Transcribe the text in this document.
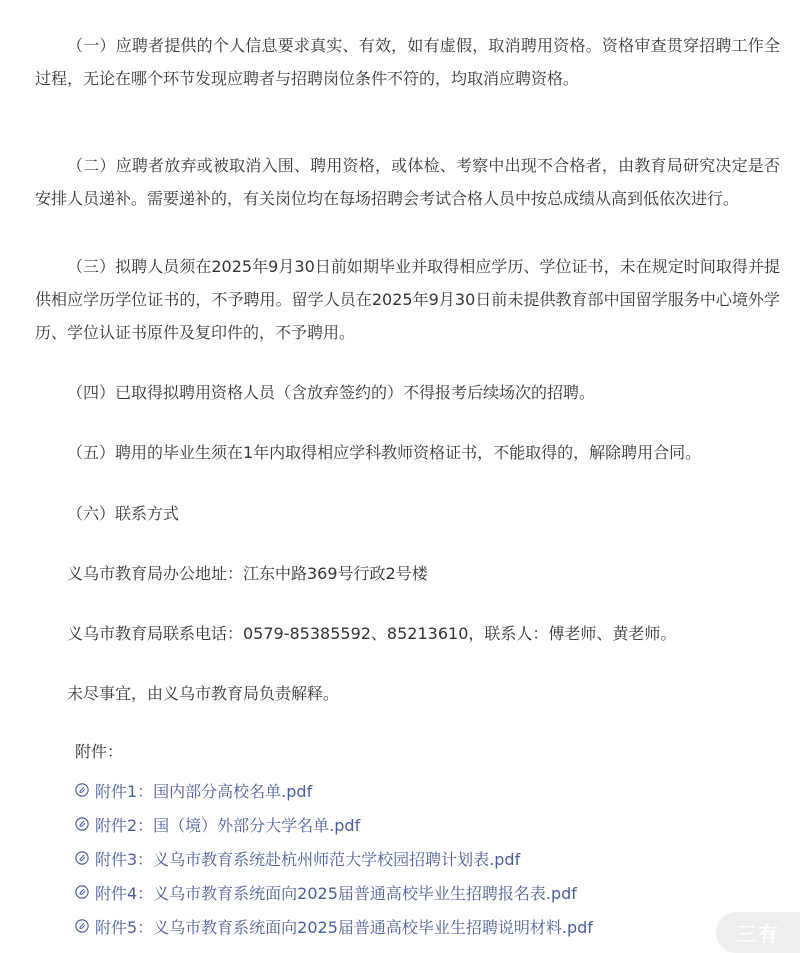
（一）应聘者提供的个人信息要求真实、有效，如有虚假，取消聘用资格。资格审查贯穿招聘工作全过程，无论在哪个环节发现应聘者与招聘岗位条件不符的，均取消应聘资格。

（二）应聘者放弃或被取消入围、聘用资格，或体检、考察中出现不合格者，由教育局研究决定是否安排人员递补。需要递补的，有关岗位均在每场招聘会考试合格人员中按总成绩从高到低依次进行。

（三）拟聘人员须在2025年9月30日前如期毕业并取得相应学历、学位证书，未在规定时间取得并提供相应学历学位证书的，不予聘用。留学人员在2025年9月30日前未提供教育部中国留学服务中心境外学历、学位认证书原件及复印件的，不予聘用。

（四）已取得拟聘用资格人员（含放弃签约的）不得报考后续场次的招聘。

（五）聘用的毕业生须在1年内取得相应学科教师资格证书，不能取得的，解除聘用合同。

（六）联系方式

义乌市教育局办公地址：江东中路369号行政2号楼

义乌市教育局联系电话：0579-85385592、85213610，联系人：傅老师、黄老师。

未尽事宜，由义乌市教育局负责解释。

附件：

附件1：国内部分高校名单.pdf
附件2：国（境）外部分大学名单.pdf
附件3：义乌市教育系统赴杭州师范大学校园招聘计划表.pdf
附件4：义乌市教育系统面向2025届普通高校毕业生招聘报名表.pdf
附件5：义乌市教育系统面向2025届普通高校毕业生招聘说明材料.pdf	三有
